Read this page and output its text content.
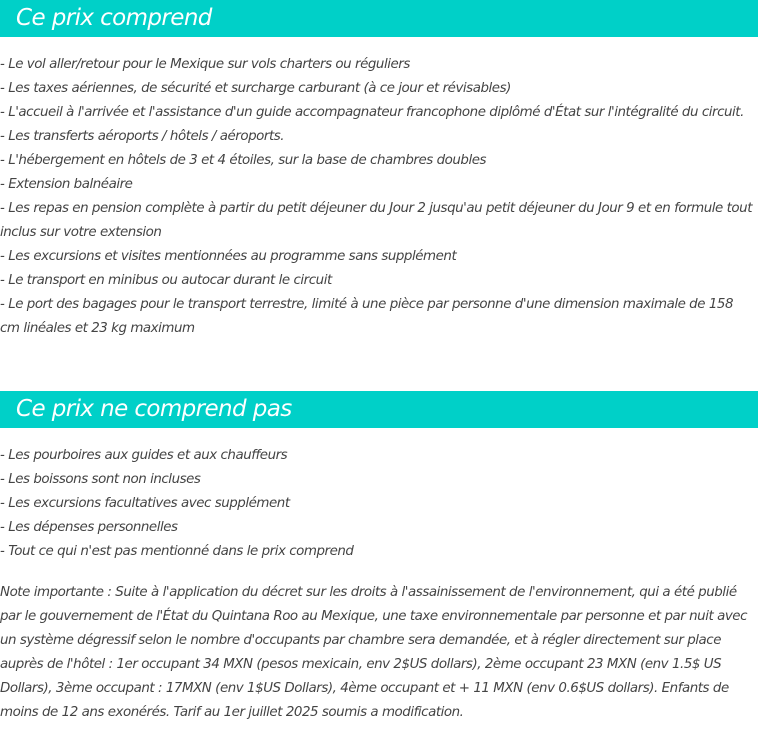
Ce prix comprend
- Le vol aller/retour pour le Mexique sur vols charters ou réguliers
- Les taxes aériennes, de sécurité et surcharge carburant (à ce jour et révisables)
- L'accueil à l'arrivée et l'assistance d'un guide accompagnateur francophone diplômé d'État sur l'intégralité du circuit.
- Les transferts aéroports / hôtels / aéroports.
- L'hébergement en hôtels de 3 et 4 étoiles, sur la base de chambres doubles
- Extension balnéaire
- Les repas en pension complète à partir du petit déjeuner du Jour 2 jusqu'au petit déjeuner du Jour 9 et en formule tout inclus sur votre extension
- Les excursions et visites mentionnées au programme sans supplément
- Le transport en minibus ou autocar durant le circuit
- Le port des bagages pour le transport terrestre, limité à une pièce par personne d'une dimension maximale de 158 cm linéales et 23 kg maximum
Ce prix ne comprend pas
- Les pourboires aux guides et aux chauffeurs
- Les boissons sont non incluses
- Les excursions facultatives avec supplément
- Les dépenses personnelles
- Tout ce qui n'est pas mentionné dans le prix comprend

Note importante : Suite à l'application du décret sur les droits à l'assainissement de l'environnement, qui a été publié par le gouvernement de l'État du Quintana Roo au Mexique, une taxe environnementale par personne et par nuit avec un système dégressif selon le nombre d'occupants par chambre sera demandée, et à régler directement sur place auprès de l'hôtel : 1er occupant 34 MXN (pesos mexicain, env 2$US dollars), 2ème occupant 23 MXN (env 1.5$ US Dollars), 3ème occupant : 17MXN (env 1$US Dollars), 4ème occupant et + 11 MXN (env 0.6$US dollars). Enfants de moins de 12 ans exonérés. Tarif au 1er juillet 2025 soumis a modification.
